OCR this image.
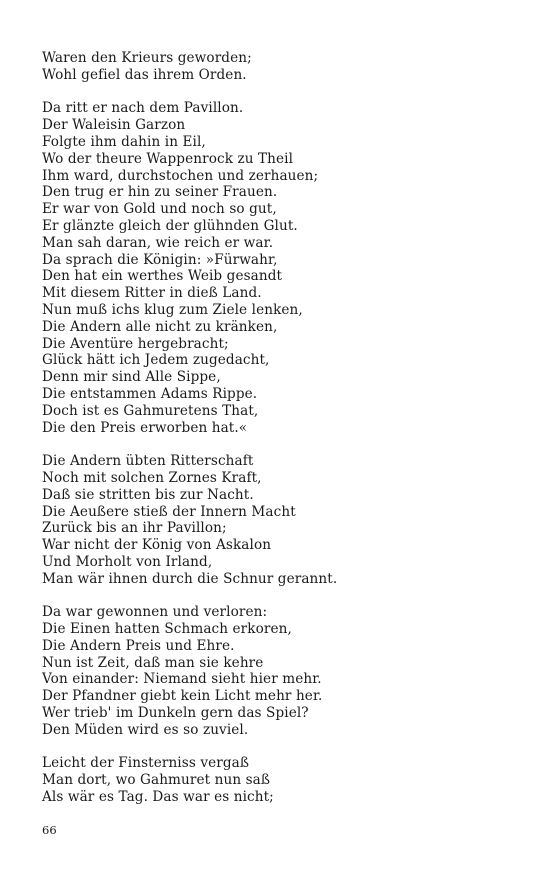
Waren den Krieurs geworden;
Wohl gefiel das ihrem Orden.
Da ritt er nach dem Pavillon.
Der Waleisin Garzon
Folgte ihm dahin in Eil,
Wo der theure Wappenrock zu Theil
Ihm ward, durchstochen und zerhauen;
Den trug er hin zu seiner Frauen.
Er war von Gold und noch so gut,
Er glänzte gleich der glühnden Glut.
Man sah daran, wie reich er war.
Da sprach die Königin: »Fürwahr,
Den hat ein werthes Weib gesandt
Mit diesem Ritter in dieß Land.
Nun muß ichs klug zum Ziele lenken,
Die Andern alle nicht zu kränken,
Die Aventüre hergebracht;
Glück hätt ich Jedem zugedacht,
Denn mir sind Alle Sippe,
Die entstammen Adams Rippe.
Doch ist es Gahmuretens That,
Die den Preis erworben hat.«
Die Andern übten Ritterschaft
Noch mit solchen Zornes Kraft,
Daß sie stritten bis zur Nacht.
Die Aeußere stieß der Innern Macht
Zurück bis an ihr Pavillon;
War nicht der König von Askalon
Und Morholt von Irland,
Man wär ihnen durch die Schnur gerannt.
Da war gewonnen und verloren:
Die Einen hatten Schmach erkoren,
Die Andern Preis und Ehre.
Nun ist Zeit, daß man sie kehre
Von einander: Niemand sieht hier mehr.
Der Pfandner giebt kein Licht mehr her.
Wer trieb' im Dunkeln gern das Spiel?
Den Müden wird es so zuviel.
Leicht der Finsterniss vergaß
Man dort, wo Gahmuret nun saß
Als wär es Tag. Das war es nicht;
66
